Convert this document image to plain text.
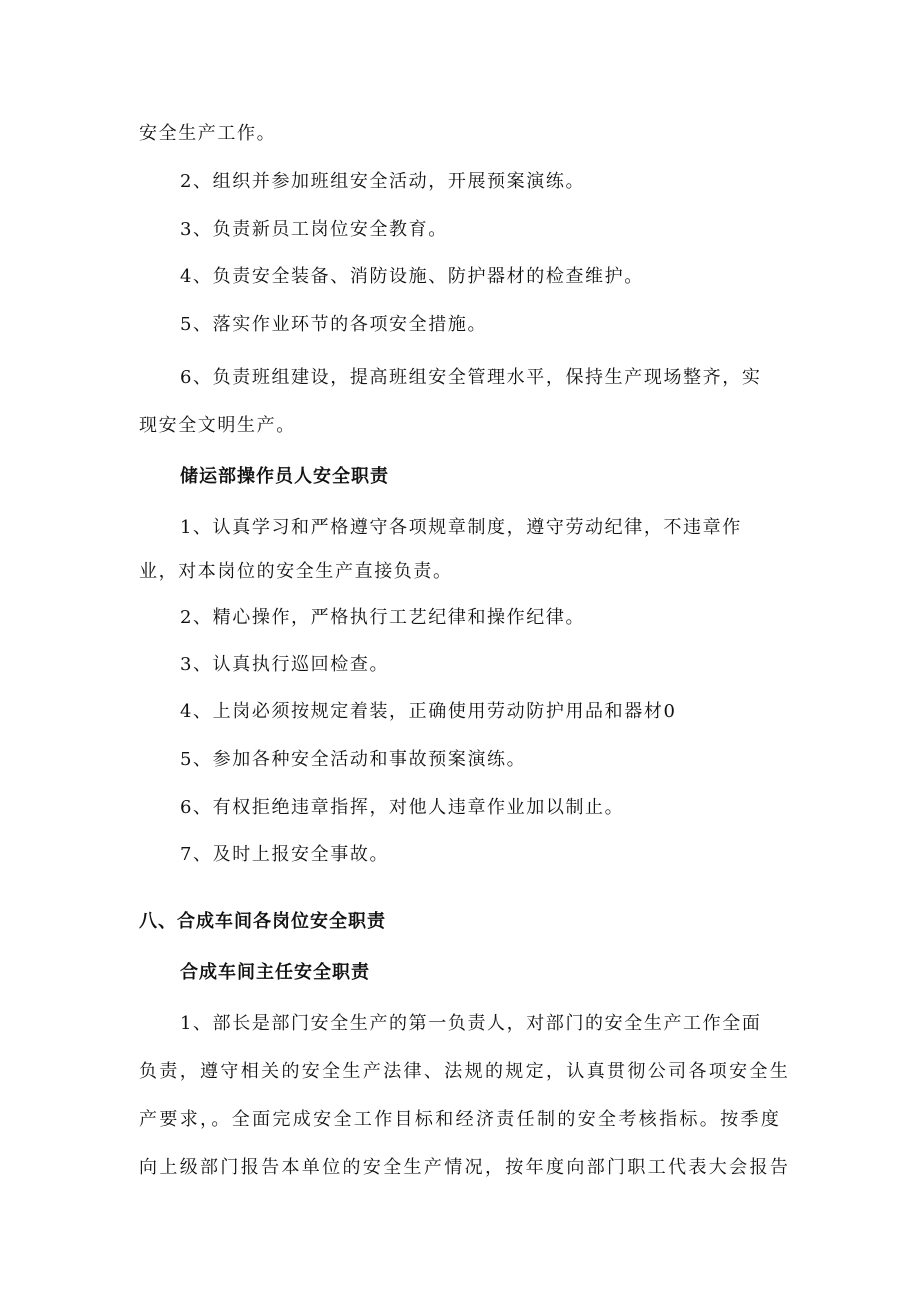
安全生产工作。
2、组织并参加班组安全活动，开展预案演练。
3、负责新员工岗位安全教育。
4、负责安全装备、消防设施、防护器材的检查维护。
5、落实作业环节的各项安全措施。
6、负责班组建设，提高班组安全管理水平，保持生产现场整齐，实
现安全文明生产。
储运部操作员人安全职责
1、认真学习和严格遵守各项规章制度，遵守劳动纪律，不违章作
业，对本岗位的安全生产直接负责。
2、精心操作，严格执行工艺纪律和操作纪律。
3、认真执行巡回检查。
4、上岗必须按规定着装，正确使用劳动防护用品和器材0
5、参加各种安全活动和事故预案演练。
6、有权拒绝违章指挥，对他人违章作业加以制止。
7、及时上报安全事故。
八、合成车间各岗位安全职责
合成车间主任安全职责
1、部长是部门安全生产的第一负责人，对部门的安全生产工作全面
负责，遵守相关的安全生产法律、法规的规定，认真贯彻公司各项安全生
产要求，。全面完成安全工作目标和经济责任制的安全考核指标。按季度
向上级部门报告本单位的安全生产情况，按年度向部门职工代表大会报告
